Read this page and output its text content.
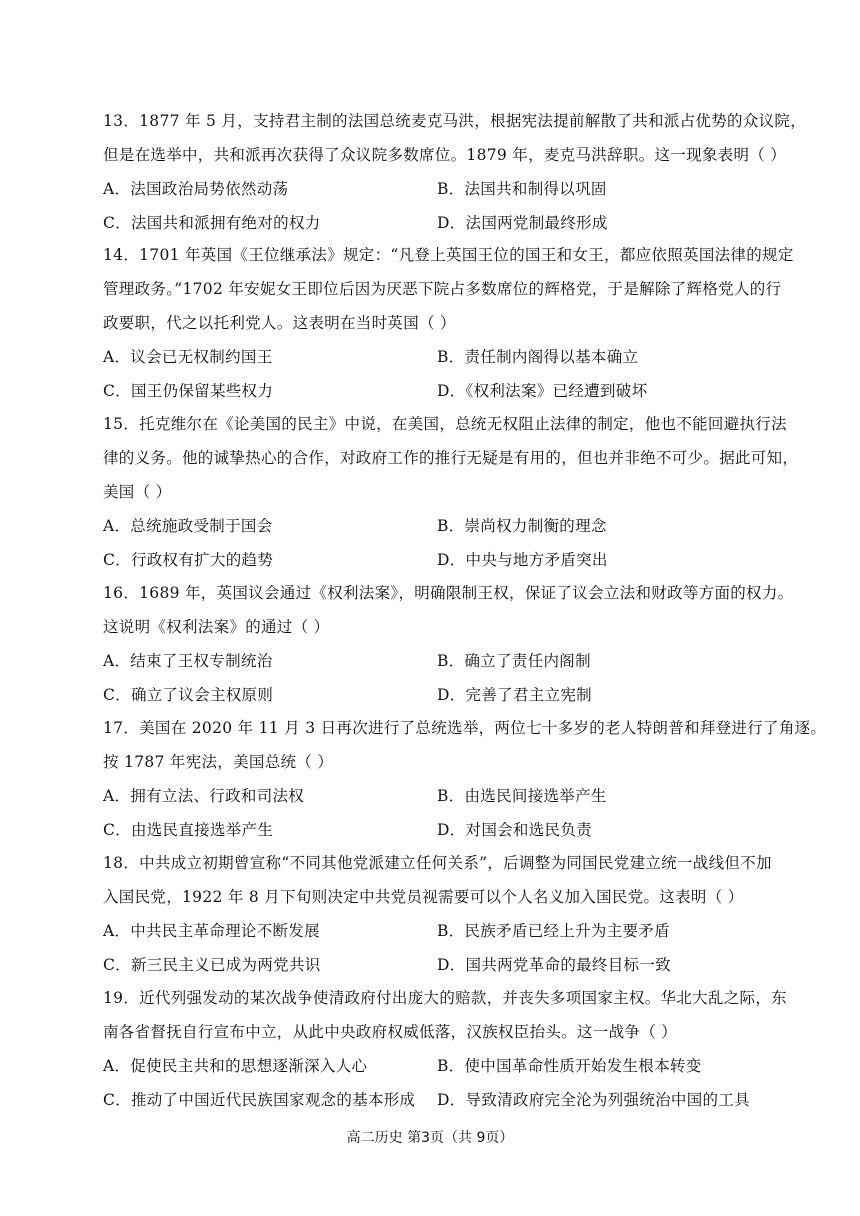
13．1877 年 5 月，支持君主制的法国总统麦克马洪，根据宪法提前解散了共和派占优势的众议院，
但是在选举中，共和派再次获得了众议院多数席位。1879 年，麦克马洪辞职。这一现象表明（ ）
A．法国政治局势依然动荡	B．法国共和制得以巩固
C．法国共和派拥有绝对的权力	D．法国两党制最终形成
14．1701 年英国《王位继承法》规定：“凡登上英国王位的国王和女王，都应依照英国法律的规定
管理政务。”1702 年安妮女王即位后因为厌恶下院占多数席位的辉格党，于是解除了辉格党人的行
政要职，代之以托利党人。这表明在当时英国（ ）
A．议会已无权制约国王	B．责任制内阁得以基本确立
C．国王仍保留某些权力	D．《权利法案》已经遭到破坏
15．托克维尔在《论美国的民主》中说，在美国，总统无权阻止法律的制定，他也不能回避执行法
律的义务。他的诚挚热心的合作，对政府工作的推行无疑是有用的，但也并非绝不可少。据此可知，
美国（ ）
A．总统施政受制于国会	B．崇尚权力制衡的理念
C．行政权有扩大的趋势	D．中央与地方矛盾突出
16．1689 年，英国议会通过《权利法案》，明确限制王权，保证了议会立法和财政等方面的权力。
这说明《权利法案》的通过（ ）
A．结束了王权专制统治	B．确立了责任内阁制
C．确立了议会主权原则	D．完善了君主立宪制
17．美国在 2020 年 11 月 3 日再次进行了总统选举，两位七十多岁的老人特朗普和拜登进行了角逐。
按 1787 年宪法，美国总统（ ）
A．拥有立法、行政和司法权	B．由选民间接选举产生
C．由选民直接选举产生	D．对国会和选民负责
18．中共成立初期曾宣称“不同其他党派建立任何关系”，后调整为同国民党建立统一战线但不加
入国民党，1922 年 8 月下旬则决定中共党员视需要可以个人名义加入国民党。这表明（ ）
A．中共民主革命理论不断发展	B．民族矛盾已经上升为主要矛盾
C．新三民主义已成为两党共识	D．国共两党革命的最终目标一致
19．近代列强发动的某次战争使清政府付出庞大的赔款，并丧失多项国家主权。华北大乱之际，东
南各省督抚自行宣布中立，从此中央政府权威低落，汉族权臣抬头。这一战争（ ）
A．促使民主共和的思想逐渐深入人心	B．使中国革命性质开始发生根本转变
C．推动了中国近代民族国家观念的基本形成 D．导致清政府完全沦为列强统治中国的工具
高二历史 第3页（共 9页）
